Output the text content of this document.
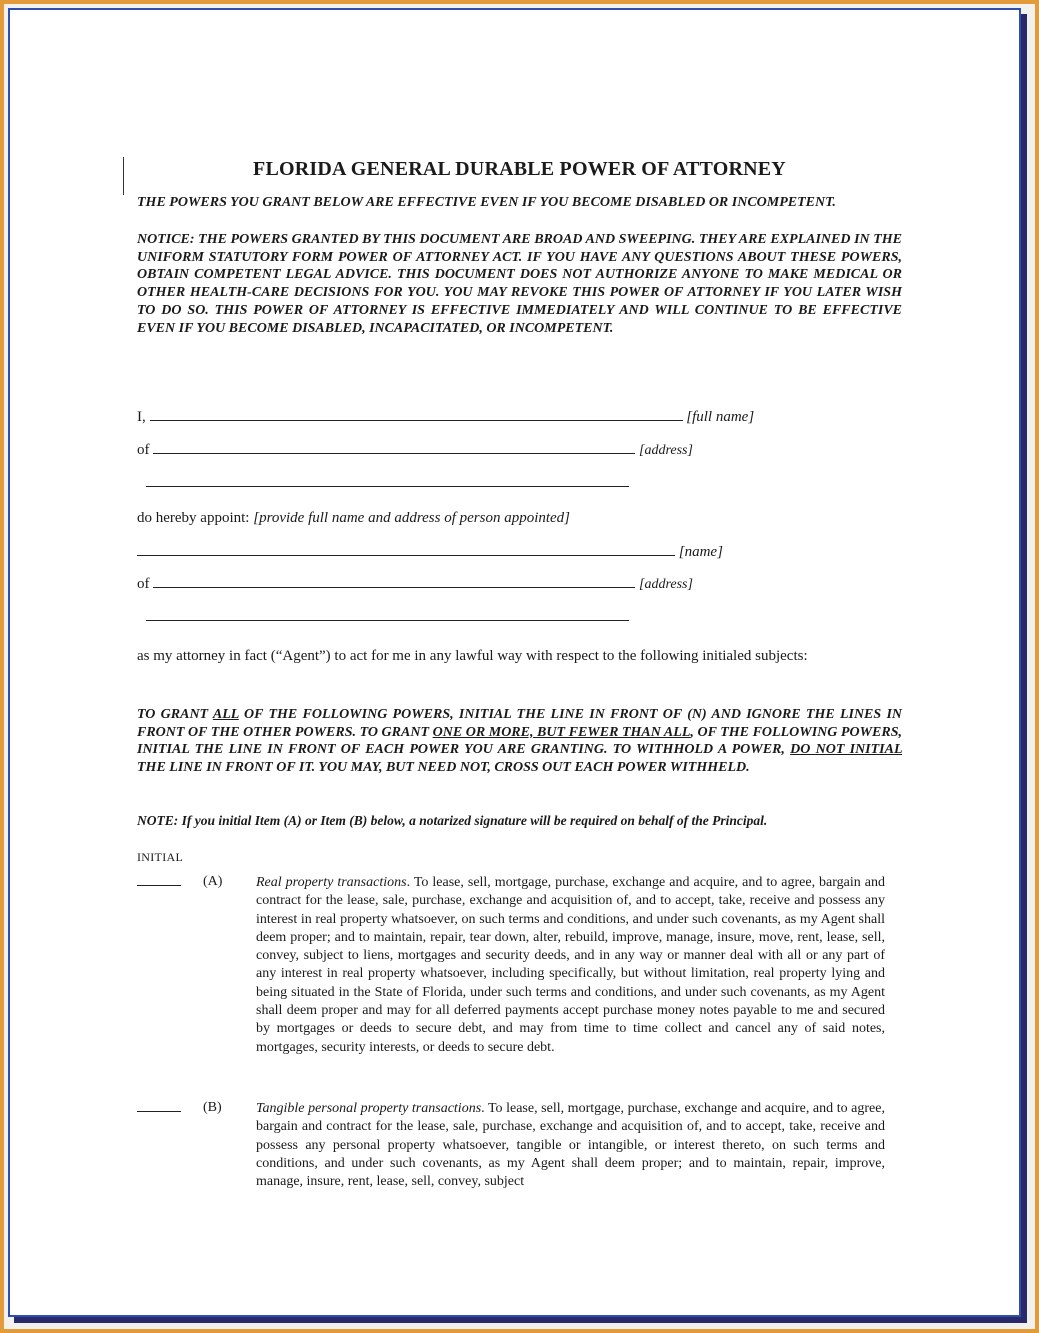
FLORIDA GENERAL DURABLE POWER OF ATTORNEY
THE POWERS YOU GRANT BELOW ARE EFFECTIVE EVEN IF YOU BECOME DISABLED OR INCOMPETENT.
NOTICE: THE POWERS GRANTED BY THIS DOCUMENT ARE BROAD AND SWEEPING. THEY ARE EXPLAINED IN THE UNIFORM STATUTORY FORM POWER OF ATTORNEY ACT. IF YOU HAVE ANY QUESTIONS ABOUT THESE POWERS, OBTAIN COMPETENT LEGAL ADVICE. THIS DOCUMENT DOES NOT AUTHORIZE ANYONE TO MAKE MEDICAL OR OTHER HEALTH-CARE DECISIONS FOR YOU. YOU MAY REVOKE THIS POWER OF ATTORNEY IF YOU LATER WISH TO DO SO. THIS POWER OF ATTORNEY IS EFFECTIVE IMMEDIATELY AND WILL CONTINUE TO BE EFFECTIVE EVEN IF YOU BECOME DISABLED, INCAPACITATED, OR INCOMPETENT.
I,	[full name]
of	[address]
do hereby appoint: [provide full name and address of person appointed]
[name]
of	[address]
as my attorney in fact (“Agent”) to act for me in any lawful way with respect to the following initialed subjects:
TO GRANT ALL OF THE FOLLOWING POWERS, INITIAL THE LINE IN FRONT OF (N) AND IGNORE THE LINES IN FRONT OF THE OTHER POWERS. TO GRANT ONE OR MORE, BUT FEWER THAN ALL, OF THE FOLLOWING POWERS, INITIAL THE LINE IN FRONT OF EACH POWER YOU ARE GRANTING. TO WITHHOLD A POWER, DO NOT INITIAL THE LINE IN FRONT OF IT. YOU MAY, BUT NEED NOT, CROSS OUT EACH POWER WITHHELD.
NOTE: If you initial Item (A) or Item (B) below, a notarized signature will be required on behalf of the Principal.
INITIAL
(A) Real property transactions. To lease, sell, mortgage, purchase, exchange and acquire, and to agree, bargain and contract for the lease, sale, purchase, exchange and acquisition of, and to accept, take, receive and possess any interest in real property whatsoever, on such terms and conditions, and under such covenants, as my Agent shall deem proper; and to maintain, repair, tear down, alter, rebuild, improve, manage, insure, move, rent, lease, sell, convey, subject to liens, mortgages and security deeds, and in any way or manner deal with all or any part of any interest in real property whatsoever, including specifically, but without limitation, real property lying and being situated in the State of Florida, under such terms and conditions, and under such covenants, as my Agent shall deem proper and may for all deferred payments accept purchase money notes payable to me and secured by mortgages or deeds to secure debt, and may from time to time collect and cancel any of said notes, mortgages, security interests, or deeds to secure debt.
(B) Tangible personal property transactions. To lease, sell, mortgage, purchase, exchange and acquire, and to agree, bargain and contract for the lease, sale, purchase, exchange and acquisition of, and to accept, take, receive and possess any personal property whatsoever, tangible or intangible, or interest thereto, on such terms and conditions, and under such covenants, as my Agent shall deem proper; and to maintain, repair, improve, manage, insure, rent, lease, sell, convey, subject
